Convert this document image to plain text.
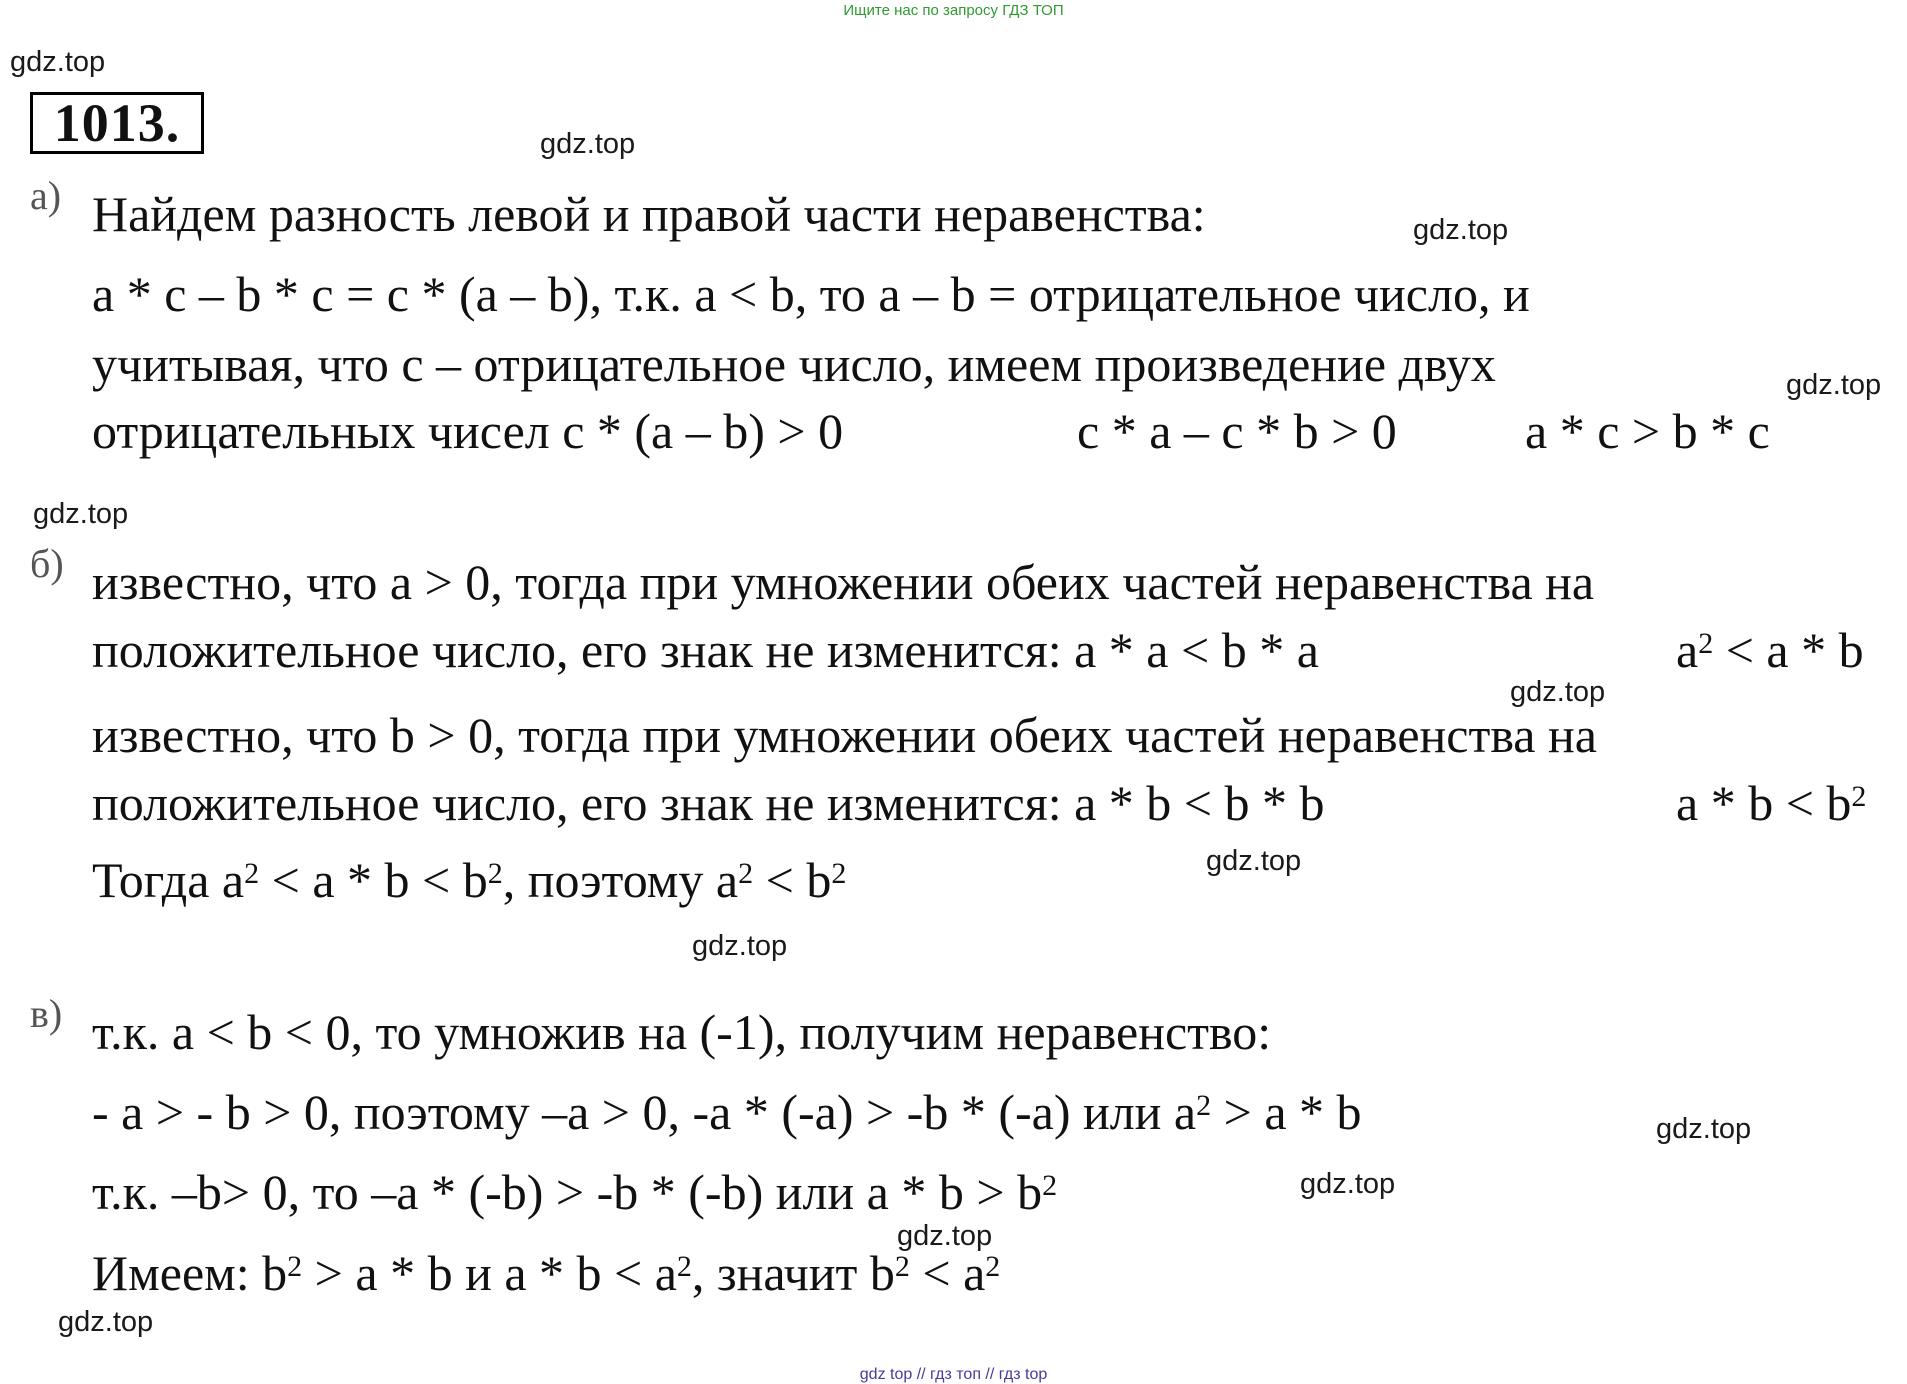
Ищите нас по запросу ГДЗ ТОП
gdz.top
gdz.top
gdz.top
gdz.top
gdz.top
gdz.top
gdz.top
gdz.top
gdz.top
gdz.top
gdz.top
gdz.top
1013.
а) Найдем разность левой и правой части неравенства:
a * c – b * c = c * (a – b), т.к. a < b, то a – b = отрицательное число, и
учитывая, что с – отрицательное число, имеем произведение двух
отрицательных чисел c * (a – b) > 0	c * a – c * b > 0	a * c > b * c
б) известно, что a > 0, тогда при умножении обеих частей неравенства на
положительное число, его знак не изменится: a * a < b * a	$a^2 < a * b$
известно, что b > 0, тогда при умножении обеих частей неравенства на
положительное число, его знак не изменится: a * b < b * b	$a * b < b^2$
Тогда $a^2 < a * b < b^2$, поэтому $a^2 < b^2$
в) т.к. a < b < 0, то умножив на (-1), получим неравенство:
- a > - b > 0, поэтому –a > 0, -a * (-a) > -b * (-a) или $a^2 > a * b$
т.к. –b> 0, то –a * (-b) > -b * (-b) или $a * b > b^2$
Имеем: $b^2 > a * b$ и $a * b < a^2$, значит $b^2 < a^2$
gdz top // гдз топ // гдз top
